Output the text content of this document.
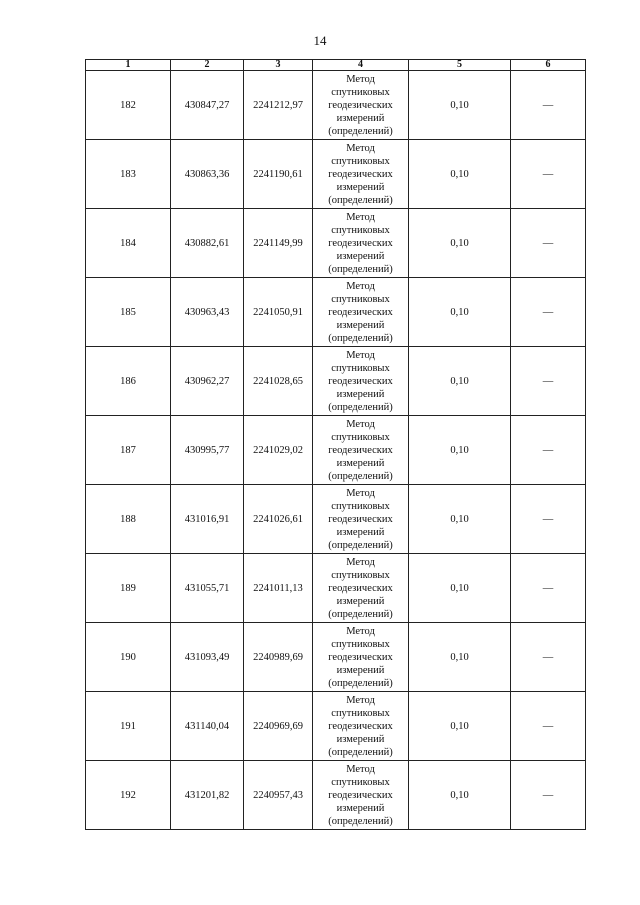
14
1	2	3	4	5	6
182	430847,27	2241212,97	Метод
спутниковых
геодезических
измерений
(определений)	0,10	—
183	430863,36	2241190,61	Метод
спутниковых
геодезических
измерений
(определений)	0,10	—
184	430882,61	2241149,99	Метод
спутниковых
геодезических
измерений
(определений)	0,10	—
185	430963,43	2241050,91	Метод
спутниковых
геодезических
измерений
(определений)	0,10	—
186	430962,27	2241028,65	Метод
спутниковых
геодезических
измерений
(определений)	0,10	—
187	430995,77	2241029,02	Метод
спутниковых
геодезических
измерений
(определений)	0,10	—
188	431016,91	2241026,61	Метод
спутниковых
геодезических
измерений
(определений)	0,10	—
189	431055,71	2241011,13	Метод
спутниковых
геодезических
измерений
(определений)	0,10	—
190	431093,49	2240989,69	Метод
спутниковых
геодезических
измерений
(определений)	0,10	—
191	431140,04	2240969,69	Метод
спутниковых
геодезических
измерений
(определений)	0,10	—
192	431201,82	2240957,43	Метод
спутниковых
геодезических
измерений
(определений)	0,10	—
